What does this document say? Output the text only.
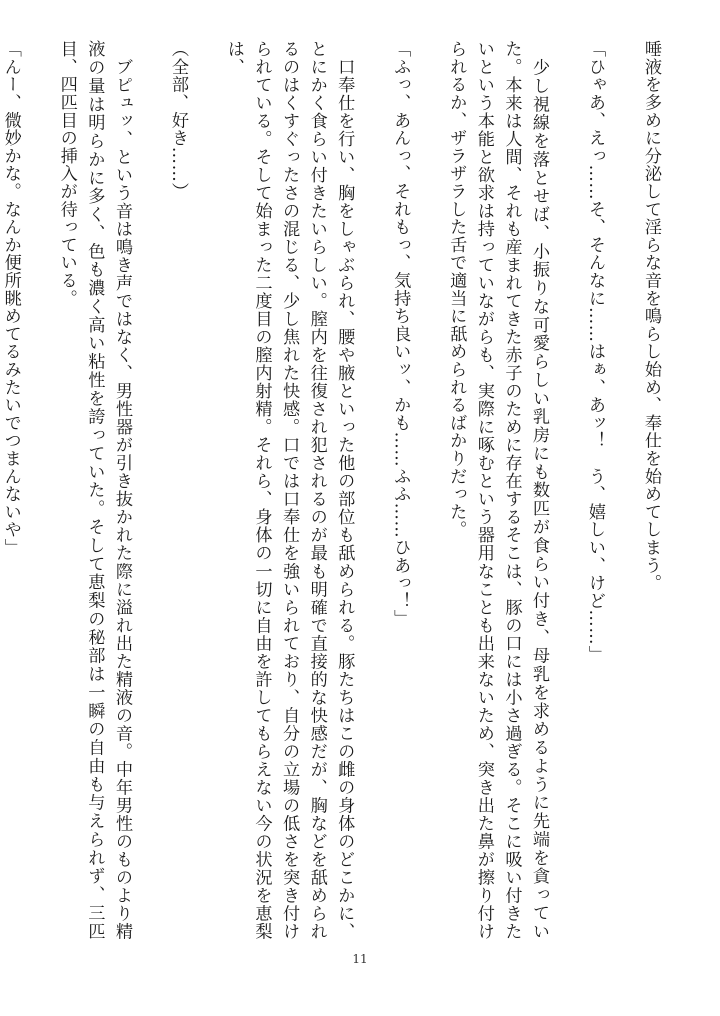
唾液を多めに分泌して淫らな音を鳴らし始め、奉仕を始めてしまう。

「ひゃあ、えっ……そ、そんなに……はぁ、あッ！　う、嬉しい、けど……」

　少し視線を落とせば、小振りな可愛らしい乳房にも数匹が食らい付き、母乳を求めるように先端を貪っていた。本来は人間、それも産まれてきた赤子のために存在するそこは、豚の口には小さ過ぎる。そこに吸い付きたいという本能と欲求は持っていながらも、実際に啄むという器用なことも出来ないため、突き出た鼻が擦り付けられるか、ザラザラした舌で適当に舐められるばかりだった。

「ふっ、あんっ、それもっ、気持ち良いッ、かも……ふふ……ひあっ！」

　口奉仕を行い、胸をしゃぶられ、腰や腋といった他の部位も舐められる。豚たちはこの雌の身体のどこかに、とにかく食らい付きたいらしい。膣内を往復され犯されるのが最も明確で直接的な快感だが、胸などを舐められるのはくすぐったさの混じる、少し焦れた快感。口では口奉仕を強いられており、自分の立場の低さを突き付けられている。そして始まった二度目の膣内射精。それら、身体の一切に自由を許してもらえない今の状況を恵梨は、

（全部、好き……）

　ブピュッ、という音は鳴き声ではなく、男性器が引き抜かれた際に溢れ出た精液の音。中年男性のものより精液の量は明らかに多く、色も濃く高い粘性を誇っていた。そして恵梨の秘部は一瞬の自由も与えられず、三匹目、四匹目の挿入が待っている。

「んー、微妙かな。なんか便所眺めてるみたいでつまんないや」

11
